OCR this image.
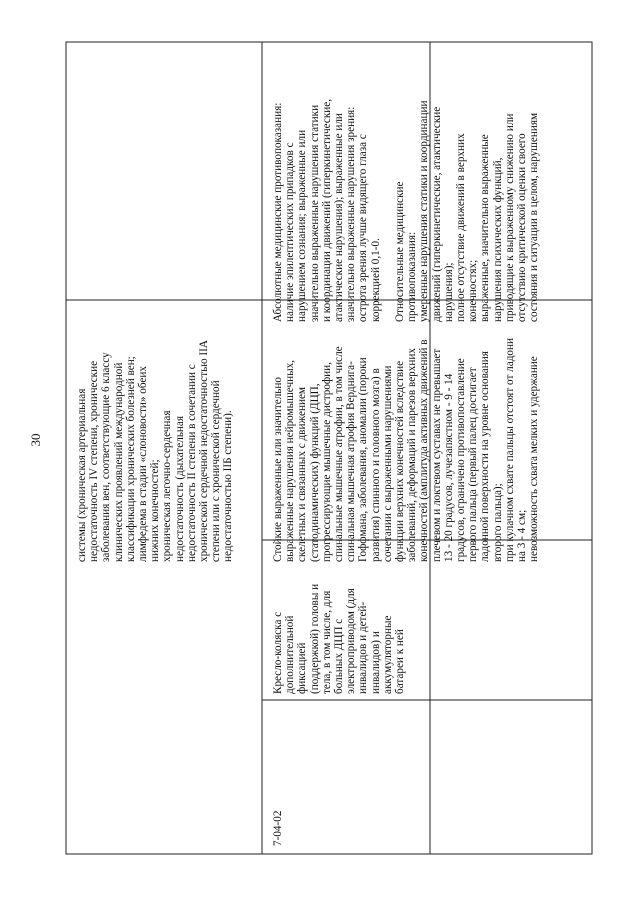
30	системы (хроническая артериальная недостаточность IV степени, хронические заболевания вен, соответствующие 6 классу клинических проявлений международной классификации хронических болезней вен; лимфедема в стадии «слоновости» обеих нижних конечностей; хроническая легочно-сердечная недостаточность (дыхательная недостаточность II степени в сочетании с хронической сердечной недостаточностью IIА степени или с хронической сердечной недостаточностью IIБ степени).
7-04-02
Кресло-коляска с дополнительной фиксацией (поддержкой) головы и тела, в том числе, для больных ДЦП с электроприводом (для инвалидов и детей- инвалидов) и аккумуляторные батареи к ней
Стойкие выраженные или значительно выраженные нарушения нейромышечных, скелетных и связанных с движением (статодинамических) функций (ДЦП, прогрессирующие мышечные дистрофии, спинальные мышечные атрофии, в том числе спинальная мышечная атрофия Верднига- Гоффмана, заболевания, аномалии (пороки развития) спинного и головного мозга) в сочетании с выраженными нарушениями функции верхних конечностей вследствие заболеваний, деформаций и парезов верхних конечностей (амплитуда активных движений в плечевом и локтевом суставах не превышает 13 - 20 градусов, лучезапястном - 9 - 14 градусов, ограничено противопоставление первого пальца (первый палец достигает ладонной поверхности на уровне основания второго пальца); при кулачном схвате пальцы отстоят от ладони на 3 - 4 см; невозможность схвата мелких и удержание
Абсолютные медицинские противопоказания: наличие эпилептических припадков с нарушением сознания; выраженные или значительно выраженные нарушения статики и координации движений (гиперкинетические, атактические нарушения); выраженные или значительно выраженные нарушения зрения: острота зрения лучше видящего глаза с коррекцией 0,1-0.
Относительные медицинские противопоказания: умеренные нарушения статики и координации движений (гиперкинетические, атактические нарушения); полное отсутствие движений в верхних конечностях; выраженные, значительно выраженные нарушения психических функций, приводящие к выраженному снижению или отсутствию критической оценки своего состояния и ситуации в целом, нарушениям
